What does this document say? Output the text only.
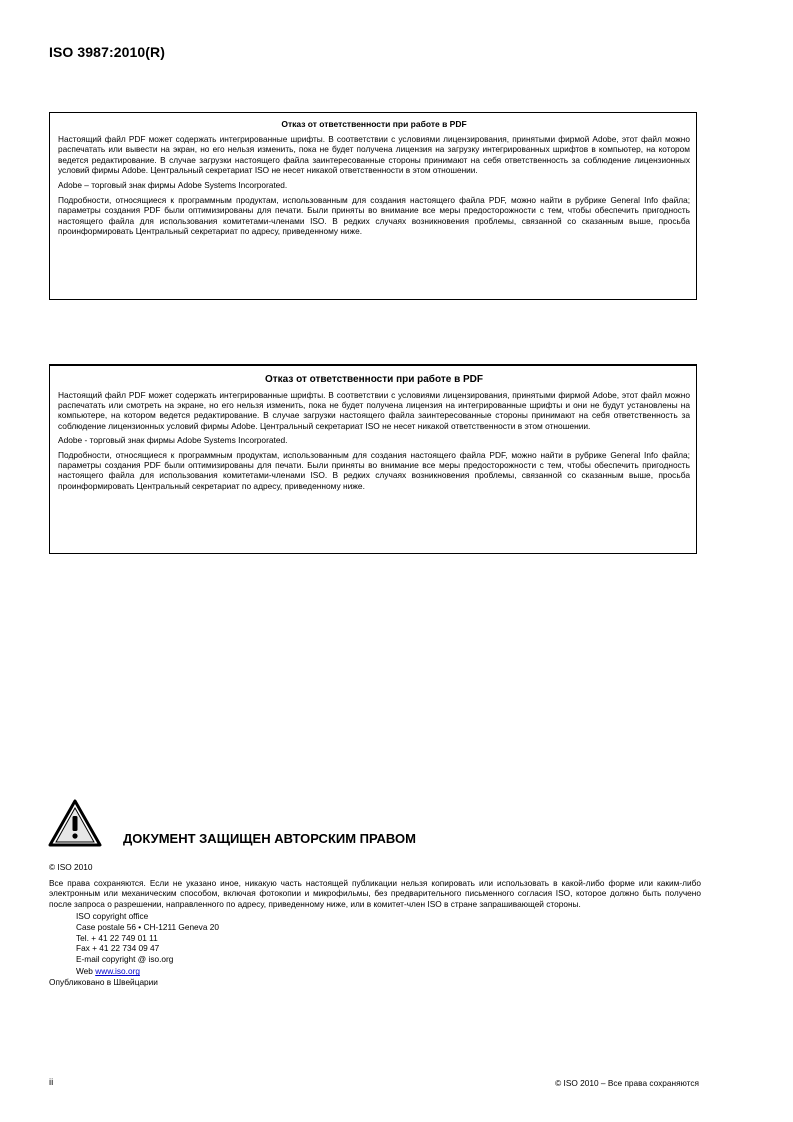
ISO 3987:2010(R)
Отказ от ответственности при работе в PDF

Настоящий файл PDF может содержать интегрированные шрифты. В соответствии с условиями лицензирования, принятыми фирмой Adobe, этот файл можно распечатать или вывести на экран, но его нельзя изменить, пока не будет получена лицензия на загрузку интегрированных шрифтов в компьютер, на котором ведется редактирование. В случае загрузки настоящего файла заинтересованные стороны принимают на себя ответственность за соблюдение лицензионных условий фирмы Adobe. Центральный секретариат ISO не несет никакой ответственности в этом отношении.

Adobe – торговый знак фирмы Adobe Systems Incorporated.

Подробности, относящиеся к программным продуктам, использованным для создания настоящего файла PDF, можно найти в рубрике General Info файла; параметры создания PDF были оптимизированы для печати. Были приняты во внимание все меры предосторожности с тем, чтобы обеспечить пригодность настоящего файла для использования комитетами-членами ISO. В редких случаях возникновения проблемы, связанной со сказанным выше, просьба проинформировать Центральный секретариат по адресу, приведенному ниже.

Отказ от ответственности при работе в PDF

Настоящий файл PDF может содержать интегрированные шрифты. В соответствии с условиями лицензирования, принятыми фирмой Adobe, этот файл можно распечатать или смотреть на экране, но его нельзя изменить, пока не будет получена лицензия на интегрированные шрифты и они не будут установлены на компьютере, на котором ведется редактирование. В случае загрузки настоящего файла заинтересованные стороны принимают на себя ответственность за соблюдение лицензионных условий фирмы Adobe. Центральный секретариат ISO не несет никакой ответственности в этом отношении.

Adobe - торговый знак фирмы Adobe Systems Incorporated.

Подробности, относящиеся к программным продуктам, использованным для создания настоящего файла PDF, можно найти в рубрике General Info файла; параметры создания PDF были оптимизированы для печати. Были приняты во внимание все меры предосторожности с тем, чтобы обеспечить пригодность настоящего файла для использования комитетами-членами ISO. В редких случаях возникновения проблемы, связанной со сказанным выше, просьба проинформировать Центральный секретариат по адресу, приведенному ниже.

ДОКУМЕНТ ЗАЩИЩЕН АВТОРСКИМ ПРАВОМ

© ISO 2010

Все права сохраняются. Если не указано иное, никакую часть настоящей публикации нельзя копировать или использовать в какой-либо форме или каким-либо электронным или механическим способом, включая фотокопии и микрофильмы, без предварительного письменного согласия ISO, которое должно быть получено после запроса о разрешении, направленного по адресу, приведенному ниже, или в комитет-член ISO в стране запрашивающей стороны.

ISO copyright office
Case postale 56 • CH-1211 Geneva 20
Tel. + 41 22 749 01 11
Fax + 41 22 734 09 47
E-mail copyright @ iso.org
Web www.iso.org

Опубликовано в Швейцарии

ii	© ISO 2010 – Все права сохраняются
